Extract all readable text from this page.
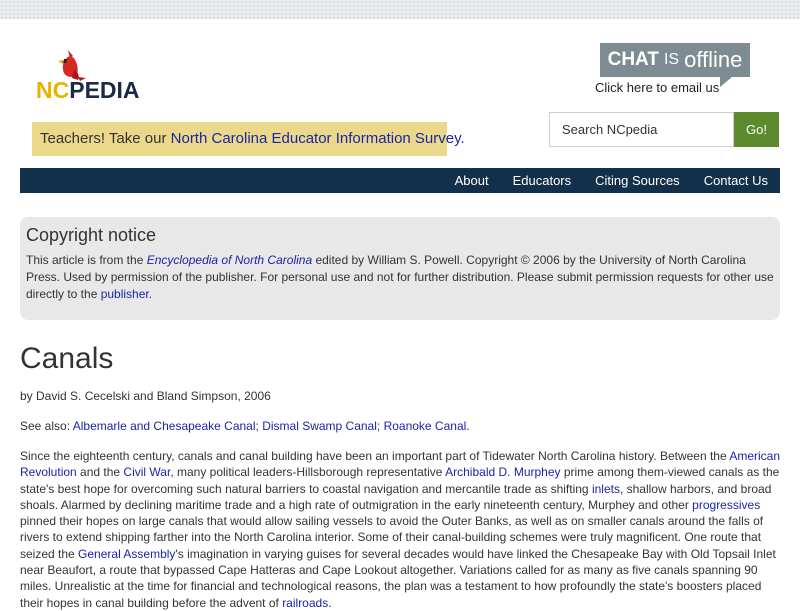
NCPEDIA
CHAT IS offline
Click here to email us
Teachers! Take our North Carolina Educator Information Survey.
Search NCpedia
Go!
About	Educators	Citing Sources	Contact Us
Copyright notice

This article is from the Encyclopedia of North Carolina edited by William S. Powell. Copyright © 2006 by the University of North Carolina Press. Used by permission of the publisher. For personal use and not for further distribution. Please submit permission requests for other use directly to the publisher.

Canals

by David S. Cecelski and Bland Simpson, 2006

See also: Albemarle and Chesapeake Canal; Dismal Swamp Canal; Roanoke Canal.

Since the eighteenth century, canals and canal building have been an important part of Tidewater North Carolina history. Between the American Revolution and the Civil War, many political leaders-Hillsborough representative Archibald D. Murphey prime among them-viewed canals as the state's best hope for overcoming such natural barriers to coastal navigation and mercantile trade as shifting inlets, shallow harbors, and broad shoals. Alarmed by declining maritime trade and a high rate of outmigration in the early nineteenth century, Murphey and other progressives pinned their hopes on large canals that would allow sailing vessels to avoid the Outer Banks, as well as on smaller canals around the falls of rivers to extend shipping farther into the North Carolina interior. Some of their canal-building schemes were truly magnificent. One route that seized the General Assembly's imagination in varying guises for several decades would have linked the Chesapeake Bay with Old Topsail Inlet near Beaufort, a route that bypassed Cape Hatteras and Cape Lookout altogether. Variations called for as many as five canals spanning 90 miles. Unrealistic at the time for financial and technological reasons, the plan was a testament to how profoundly the state's boosters placed their hopes in canal building before the advent of railroads.
